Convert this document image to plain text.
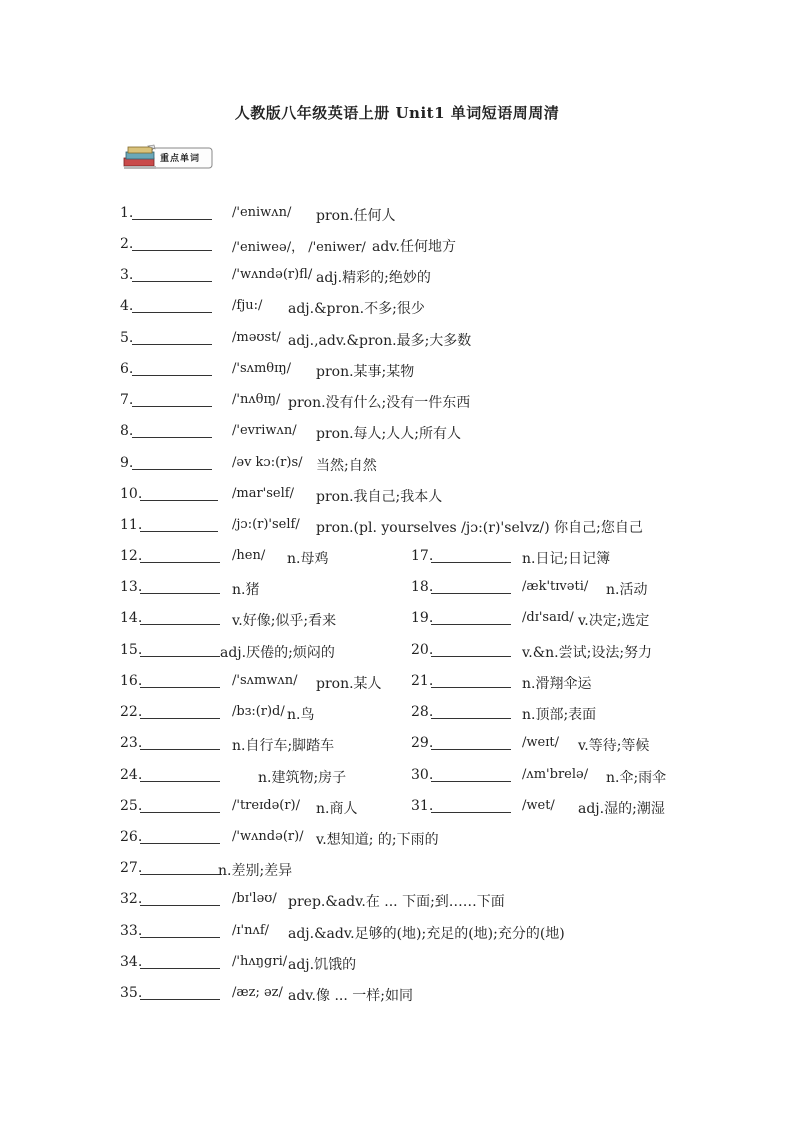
人教版八年级英语上册 Unit1 单词短语周周清
重点单词
1.	/'eniwʌn/ pron.任何人
2.	/'eniweə/， /'eniwer/ adv.任何地方
3.	/'wʌndə(r)fl/ adj.精彩的;绝妙的
4.	/fju:/ adj.&pron.不多;很少
5.	/məʊst/ adj.,adv.&pron.最多;大多数
6.	/'sʌmθɪŋ/ pron.某事;某物
7.	/'nʌθɪŋ/ pron.没有什么;没有一件东西
8.	/'evriwʌn/ pron.每人;人人;所有人
9.	/əv kɔ:(r)s/ 当然;自然
10.	/mar'self/ pron.我自己;我本人
11.	/jɔ:(r)'self/ pron.(pl. yourselves /jɔ:(r)'selvz/) 你自己;您自己
12.	/hen/ n.母鸡
13.	n.猪
14.	v.好像;似乎;看来
15.	adj.厌倦的;烦闷的
16.	/'sʌmwʌn/ pron.某人
22.	/bɜ:(r)d/ n.鸟
23.	n.自行车;脚踏车
24.	n.建筑物;房子
25.	/'treɪdə(r)/ n.商人
26.	/'wʌndə(r)/ v.想知道; 的;下雨的
17.	n.日记;日记簿
18.	/æk'tɪvəti/ n.活动
19.	/dɪ'saɪd/ v.决定;选定
20.	v.&n.尝试;设法;努力
21.	n.滑翔伞运
28.	n.顶部;表面
29.	/weɪt/ v.等待;等候
30.	/ʌm'brelə/ n.伞;雨伞
31.	/wet/ adj.湿的;潮湿
27.	n.差别;差异
32.	/bɪ'ləʊ/ prep.&adv.在 ... 下面;到……下面
33.	/ɪ'nʌf/ adj.&adv.足够的(地);充足的(地);充分的(地)
34.	/'hʌŋgri/ adj.饥饿的
35.	/æz; əz/ adv.像 ... 一样;如同
